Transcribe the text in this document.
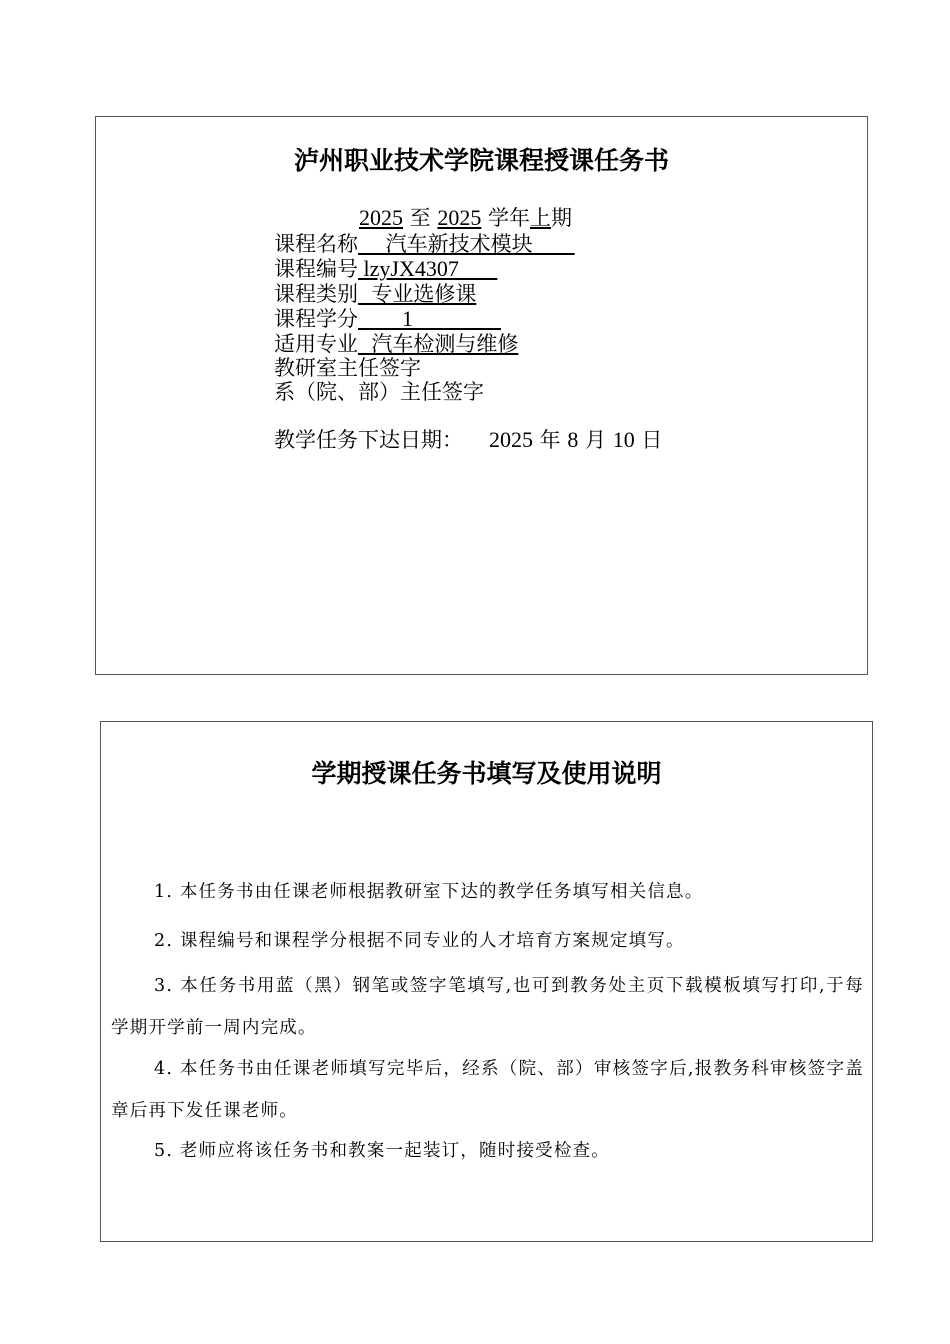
泸州职业技术学院课程授课任务书
2025 至 2025 学年上期
课程名称　 汽车新技术模块　　
课程编号 lzyJX4307　
课程类别  专业选修课
课程学分　　1　　　　
适用专业  汽车检测与维修
教研室主任签字
系（院、部）主任签字
教学任务下达日期： 2025 年 8 月 10 日
学期授课任务书填写及使用说明
1. 本任务书由任课老师根据教研室下达的教学任务填写相关信息。
2. 课程编号和课程学分根据不同专业的人才培育方案规定填写。
3. 本任务书用蓝（黑）钢笔或签字笔填写,也可到教务处主页下载模板填写打印,于每学期开学前一周内完成。
4. 本任务书由任课老师填写完毕后，经系（院、部）审核签字后,报教务科审核签字盖章后再下发任课老师。
5. 老师应将该任务书和教案一起装订，随时接受检查。
